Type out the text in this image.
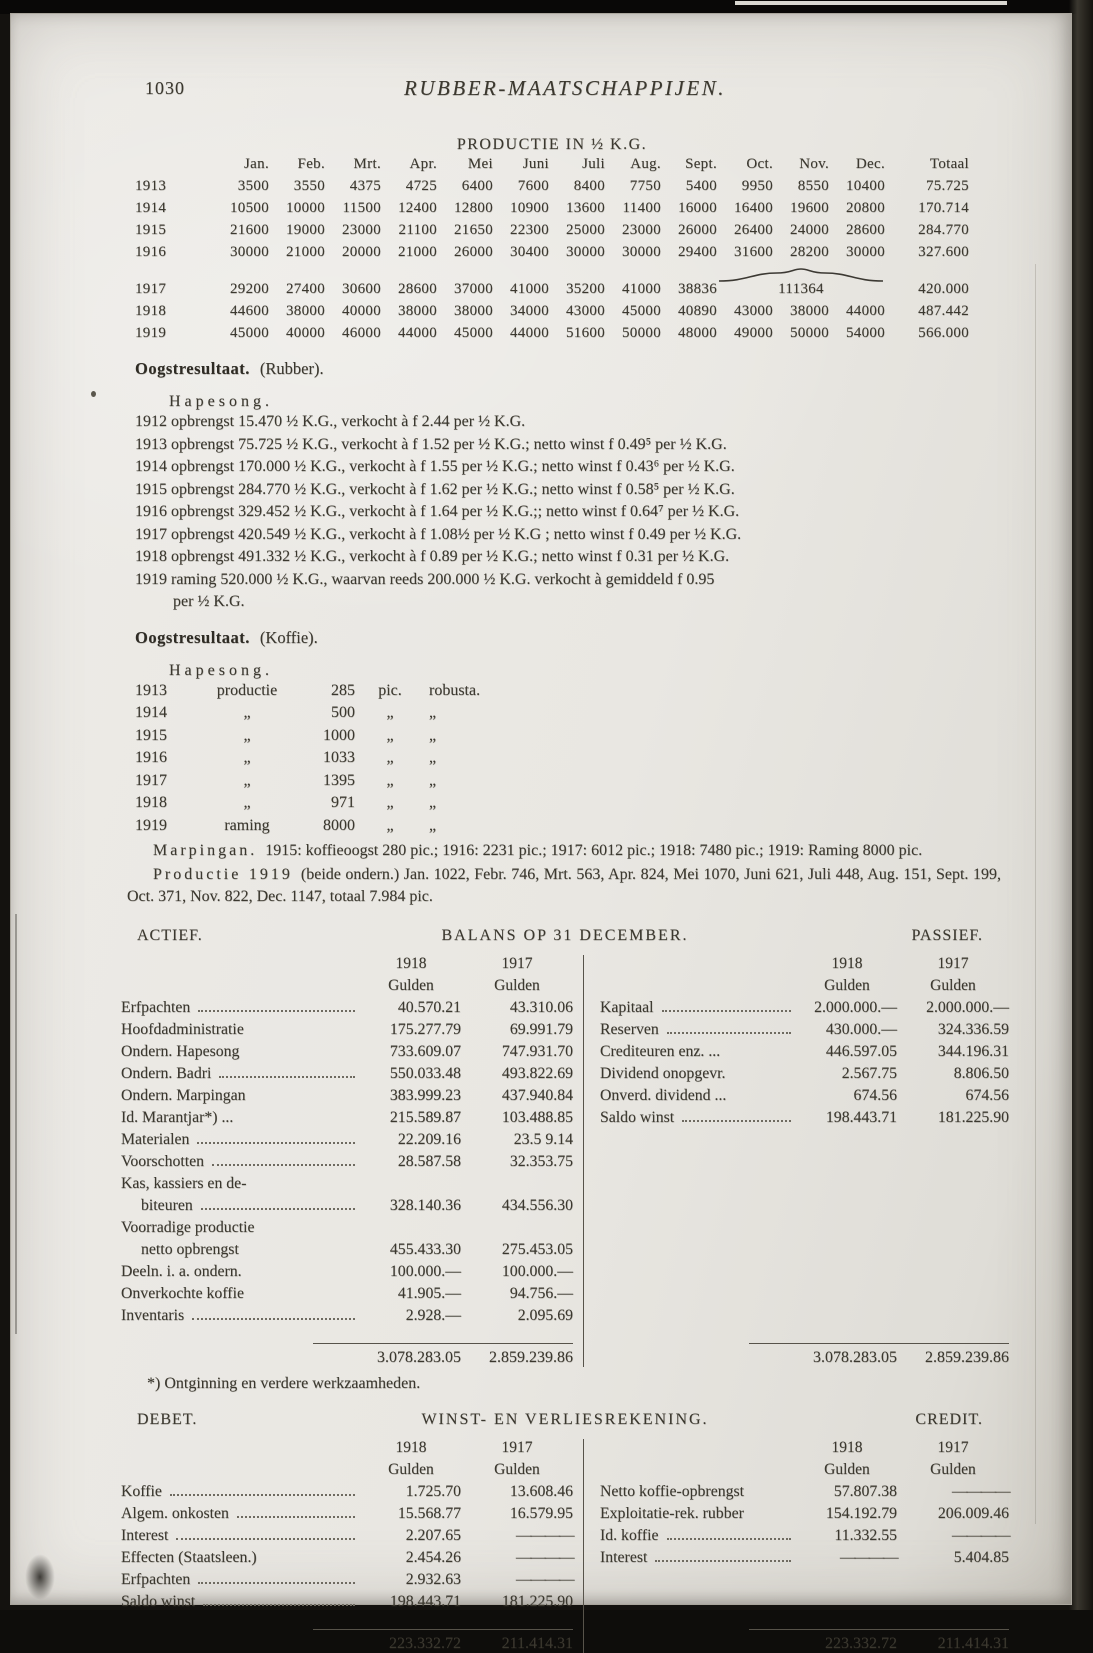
1030	RUBBER-MAATSCHAPPIJEN.
PRODUCTIE IN ½ K.G.
Jan.	Feb.	Mrt.	Apr.	Mei	Juni	Juli	Aug.	Sept.	Oct.	Nov.	Dec.	Totaal
1913	3500	3550	4375	4725	6400	7600	8400	7750	5400	9950	8550	10400	75.725
1914	10500	10000	11500	12400	12800	10900	13600	11400	16000	16400	19600	20800	170.714
1915	21600	19000	23000	21100	21650	22300	25000	23000	26000	26400	24000	28600	284.770
1916	30000	21000	20000	21000	26000	30400	30000	30000	29400	31600	28200	30000	327.600
1917	29200	27400	30600	28600	37000	41000	35200	41000	38836	111364	420.000
1918	44600	38000	40000	38000	38000	34000	43000	45000	40890	43000	38000	44000	487.442
1919	45000	40000	46000	44000	45000	44000	51600	50000	48000	49000	50000	54000	566.000
Oogstresultaat. (Rubber).
Hapesong.
1912 opbrengst 15.470 ½ K.G., verkocht à f 2.44 per ½ K.G.
1913 opbrengst 75.725 ½ K.G., verkocht à f 1.52 per ½ K.G.; netto winst f 0.49⁵ per ½ K.G.
1914 opbrengst 170.000 ½ K.G., verkocht à f 1.55 per ½ K.G.; netto winst f 0.43⁶ per ½ K.G.
1915 opbrengst 284.770 ½ K.G., verkocht à f 1.62 per ½ K.G.; netto winst f 0.58⁵ per ½ K.G.
1916 opbrengst 329.452 ½ K.G., verkocht à f 1.64 per ½ K.G.;; netto winst f 0.64⁷ per ½ K.G.
1917 opbrengst 420.549 ½ K.G., verkocht à f 1.08½ per ½ K.G ; netto winst f 0.49 per ½ K.G.
1918 opbrengst 491.332 ½ K.G., verkocht à f 0.89 per ½ K.G.; netto winst f 0.31 per ½ K.G.
1919 raming 520.000 ½ K.G., waarvan reeds 200.000 ½ K.G. verkocht à gemiddeld f 0.95
per ½ K.G.
Oogstresultaat. (Koffie).
Hapesong.
1913	productie	285	pic.	robusta.
1914	„	500	„	„
1915	„	1000	„	„
1916	„	1033	„	„
1917	„	1395	„	„
1918	„	971	„	„
1919	raming	8000	„	„
Marpingan. 1915: koffieoogst 280 pic.; 1916: 2231 pic.; 1917: 6012 pic.; 1918: 7480 pic.; 1919: Raming 8000 pic.
Productie 1919 (beide ondern.) Jan. 1022, Febr. 746, Mrt. 563, Apr. 824, Mei 1070, Juni 621, Juli 448, Aug. 151, Sept. 199, Oct. 371, Nov. 822, Dec. 1147, totaal 7.984 pic.
ACTIEF.	BALANS OP 31 DECEMBER.	PASSIEF.
1918	1917
Gulden	Gulden
Erfpachten	40.570.21	43.310.06
Hoofdadministratie	175.277.79	69.991.79
Ondern. Hapesong	733.609.07	747.931.70
Ondern. Badri	550.033.48	493.822.69
Ondern. Marpingan	383.999.23	437.940.84
Id. Marantjar*) ...	215.589.87	103.488.85
Materialen	22.209.16	23.5 9.14
Voorschotten	28.587.58	32.353.75
Kas, kassiers en de-
biteuren	328.140.36	434.556.30
Voorradige productie
netto opbrengst	455.433.30	275.453.05
Deeln. i. a. ondern.	100.000.—	100.000.—
Onverkochte koffie	41.905.—	94.756.—
Inventaris	2.928.—	2.095.69
3.078.283.05	2.859.239.86
1918	1917
Gulden	Gulden
Kapitaal	2.000.000.—	2.000.000.—
Reserven	430.000.—	324.336.59
Crediteuren enz. ...	446.597.05	344.196.31
Dividend onopgevr.	2.567.75	8.806.50
Onverd. dividend ...	674.56	674.56
Saldo winst	198.443.71	181.225.90
3.078.283.05	2.859.239.86
*) Ontginning en verdere werkzaamheden.
DEBET.	WINST- EN VERLIESREKENING.	CREDIT.
1918	1917
Gulden	Gulden
Koffie	1.725.70	13.608.46
Algem. onkosten	15.568.77	16.579.95
Interest	2.207.65	————
Effecten (Staatsleen.)	2.454.26	————
Erfpachten	2.932.63	————
Saldo winst	198.443.71	181.225.90
223.332.72	211.414.31
1918	1917
Gulden	Gulden
Netto koffie-opbrengst	57.807.38	————
Exploitatie-rek. rubber	154.192.79	206.009.46
Id. koffie	11.332.55	————
Interest	————	5.404.85
223.332.72	211.414.31
